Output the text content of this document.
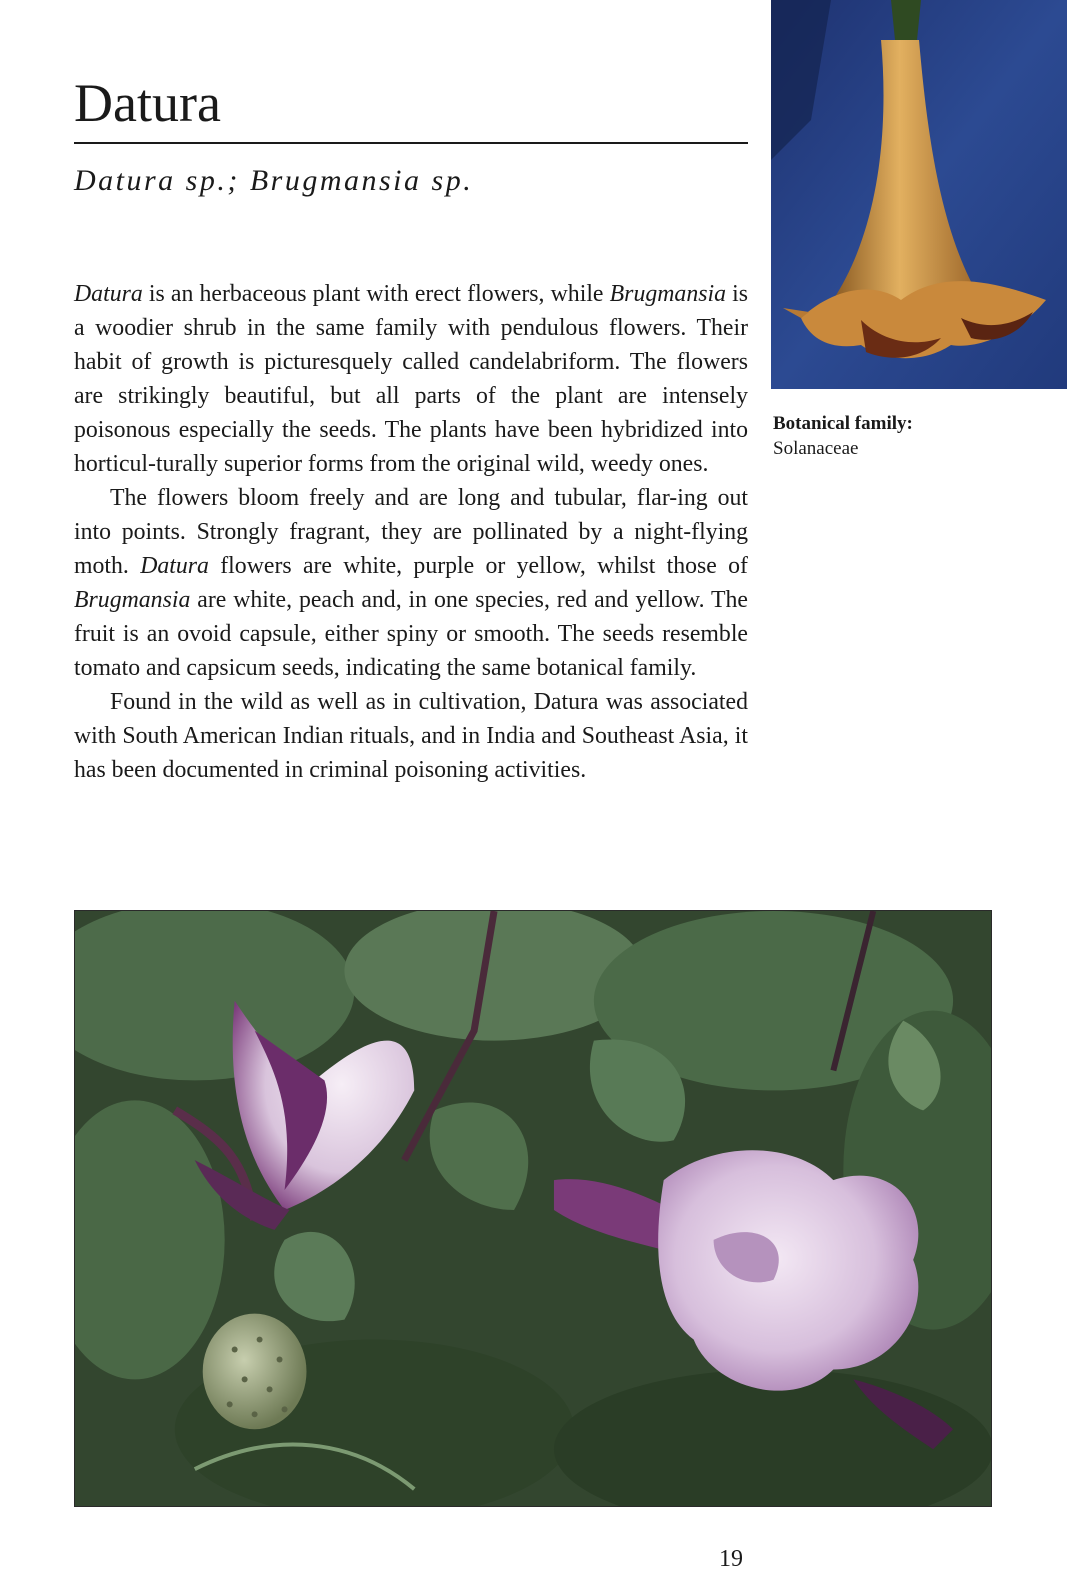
Datura
Datura sp.; Brugmansia sp.

Datura is an herbaceous plant with erect flowers, while Brugmansia is a woodier shrub in the same family with pendulous flowers. Their habit of growth is picturesquely called candelabriform. The flowers are strikingly beautiful, but all parts of the plant are intensely poisonous especially the seeds. The plants have been hybridized into horticul-turally superior forms from the original wild, weedy ones.

The flowers bloom freely and are long and tubular, flar-ing out into points. Strongly fragrant, they are pollinated by a night-flying moth. Datura flowers are white, purple or yellow, whilst those of Brugmansia are white, peach and, in one species, red and yellow. The fruit is an ovoid capsule, either spiny or smooth. The seeds resemble tomato and capsicum seeds, indicating the same botanical family.

Found in the wild as well as in cultivation, Datura was associated with South American Indian rituals, and in India and Southeast Asia, it has been documented in criminal poisoning activities.

Botanical family:
Solanaceae
19
